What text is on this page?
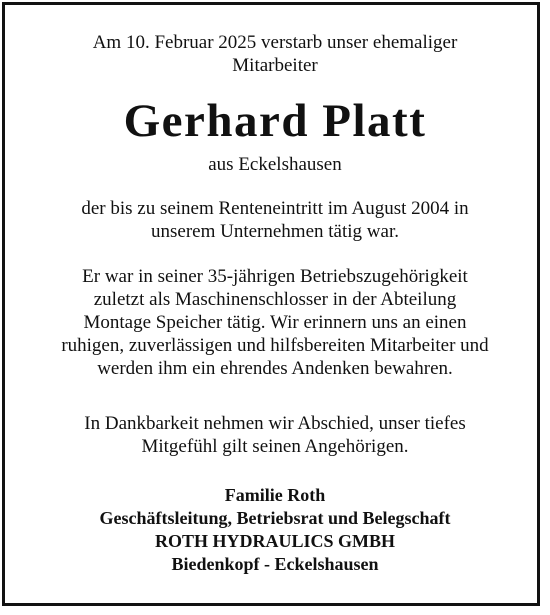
Am 10. Februar 2025 verstarb unser ehemaliger
Mitarbeiter
Gerhard Platt
aus Eckelshausen
der bis zu seinem Renteneintritt im August 2004 in
unserem Unternehmen tätig war.
Er war in seiner 35-jährigen Betriebszugehörigkeit
zuletzt als Maschinenschlosser in der Abteilung
Montage Speicher tätig. Wir erinnern uns an einen
ruhigen, zuverlässigen und hilfsbereiten Mitarbeiter und
werden ihm ein ehrendes Andenken bewahren.
In Dankbarkeit nehmen wir Abschied, unser tiefes
Mitgefühl gilt seinen Angehörigen.
Familie Roth
Geschäftsleitung, Betriebsrat und Belegschaft
ROTH HYDRAULICS GMBH
Biedenkopf - Eckelshausen
